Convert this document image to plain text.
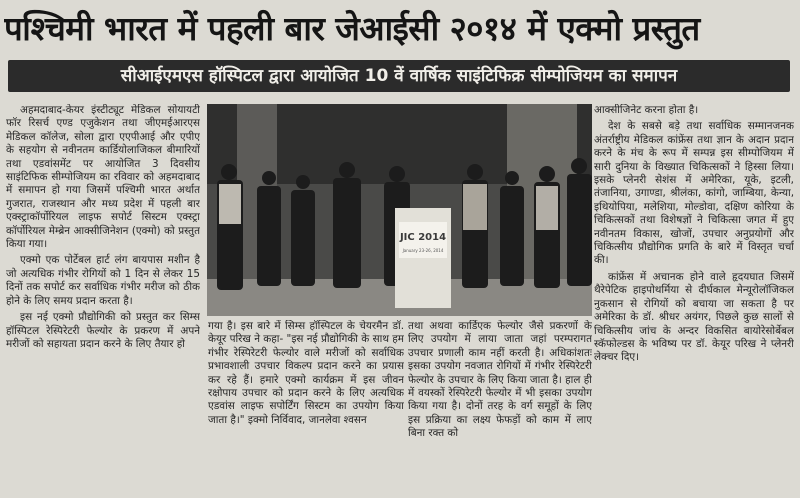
पश्चिमी भारत में पहली बार जेआईसी २०१४ में एक्मो प्रस्तुत
सीआईएमएस हॉस्पिटल द्वारा आयोजित 10 वें वार्षिक साइंटिफिक्र सीम्पोजियम का समापन

अहमदाबाद-केयर इंस्टीट्यूट मेडिकल सोयायटी फॉर रिसर्च एण्ड एजुकेशन तथा जीएमईआरएस मेडिकल कॉलेज, सोला द्वारा एएपीआई और एपीए के सहयोग से नवीनतम कार्डियोलाजिकल बीमारियों तथा एडवांसमेंट पर आयोजित 3 दिवसीय साइंटिफिक सीम्पोजियम का रविवार को अहमदाबाद में समापन हो गया जिसमें पश्चिमी भारत अर्थात गुजरात, राजस्थान और मध्य प्रदेश में पहली बार एक्स्ट्राकॉर्पोरियल लाइफ सपोर्ट सिस्टम एक्स्ट्रा कॉर्पोरियल मेम्ब्रेन आक्सीजिनेशन (एक्मो) को प्रस्तुत किया गया।

एक्मो एक पोर्टेबल हार्ट लंग बायपास मशीन है जो अत्यधिक गंभीर रोगियों को 1 दिन से लेकर 15 दिनों तक सपोर्ट कर सर्वाधिक गंभीर मरीज को ठीक होने के लिए समय प्रदान करता है।

इस नई एक्मो प्रौद्योगिकी को प्रस्तुत कर सिम्स हॉस्पिटल रेस्पिरेटरी फेल्योर के प्रकरण में अपने मरीजों को सहायता प्रदान करने के लिए तैयार हो

JIC 2014
January 23-26, 2014

गया है। इस बारे में सिम्स हॉस्पिटल के चेयरमैन डॉ. केयूर परिख ने कहा- "इस नई प्रौद्योगिकी के साथ हम गंभीर रेस्पिरेटरी फेल्योर वाले मरीजों को सर्वाधिक प्रभावशाली उपचार विकल्प प्रदान करने का प्रयास कर रहे हैं। हमारे एक्मो कार्यक्रम में इस जीवन रक्षोपाय उपचार को प्रदान करने के लिए अत्यधिक एडवांस लाइफ सपोर्टिंग सिस्टम का उपयोग किया जाता है।" इक्मो निर्विवाद, जानलेवा श्वसन

तथा अथवा कार्डिएक फेल्योर जैसे प्रकरणों के लिए उपयोग में लाया जाता जहां परम्परागत उपचार प्रणाली काम नहीं करती है। अधिकांशतः इसका उपयोग नवजात रोगियों में गंभीर रेस्पिरेटरी फेल्योर के उपचार के लिए किया जाता है। हाल ही में वयस्कों रेस्पिरेटरी फेल्योर में भी इसका उपयोग किया गया है। दोनों तरह के वर्ग समूहों के लिए इस प्रक्रिया का लक्ष्य फेफड़ों को काम में लाए बिना रक्त को

आक्सीजिनेट करना होता है।

देश के सबसे बड़े तथा सर्वाधिक सम्मानजनक अंतर्राष्ट्रीय मेडिकल कांफ्रेंस तथा ज्ञान के अदान प्रदान करने के मंच के रूप में सम्पन्न इस सीम्पोजियम में सारी दुनिया के विख्यात चिकित्सकों ने हिस्सा लिया। इसके प्लेनरी सेशंस में अमेरिका, यूके, इटली, तंजानिया, उगाण्डा, श्रीलंका, कांगो, जाम्बिया, केन्या, इथियोपिया, मलेशिया, मोल्डोवा, दक्षिण कोरिया के चिकित्सकों तथा विशेषज्ञों ने चिकित्सा जगत में हुए नवीनतम विकास, खोजों, उपचार अनुप्रयोगों और चिकित्सीय प्रौद्योगिक प्रगति के बारे में विस्तृत चर्चा की।

कांफ्रेंस में अचानक होने वाले हृदयघात जिसमें थैरेपेटिक हाइपोथर्मिया से दीर्घकाल मेन्यूरोलॉजिकल नुकसान से रोगियों को बचाया जा सकता है पर अमेरिका के डॉ. श्रीधर अयंगर, पिछले कुछ सालों से चिकित्सीय जांच के अन्दर विकसित बायोरेसोर्बेबल स्कॅफोल्डस के भविष्य पर डॉ. केयूर परिख ने प्लेनरी लेक्चर दिए।
